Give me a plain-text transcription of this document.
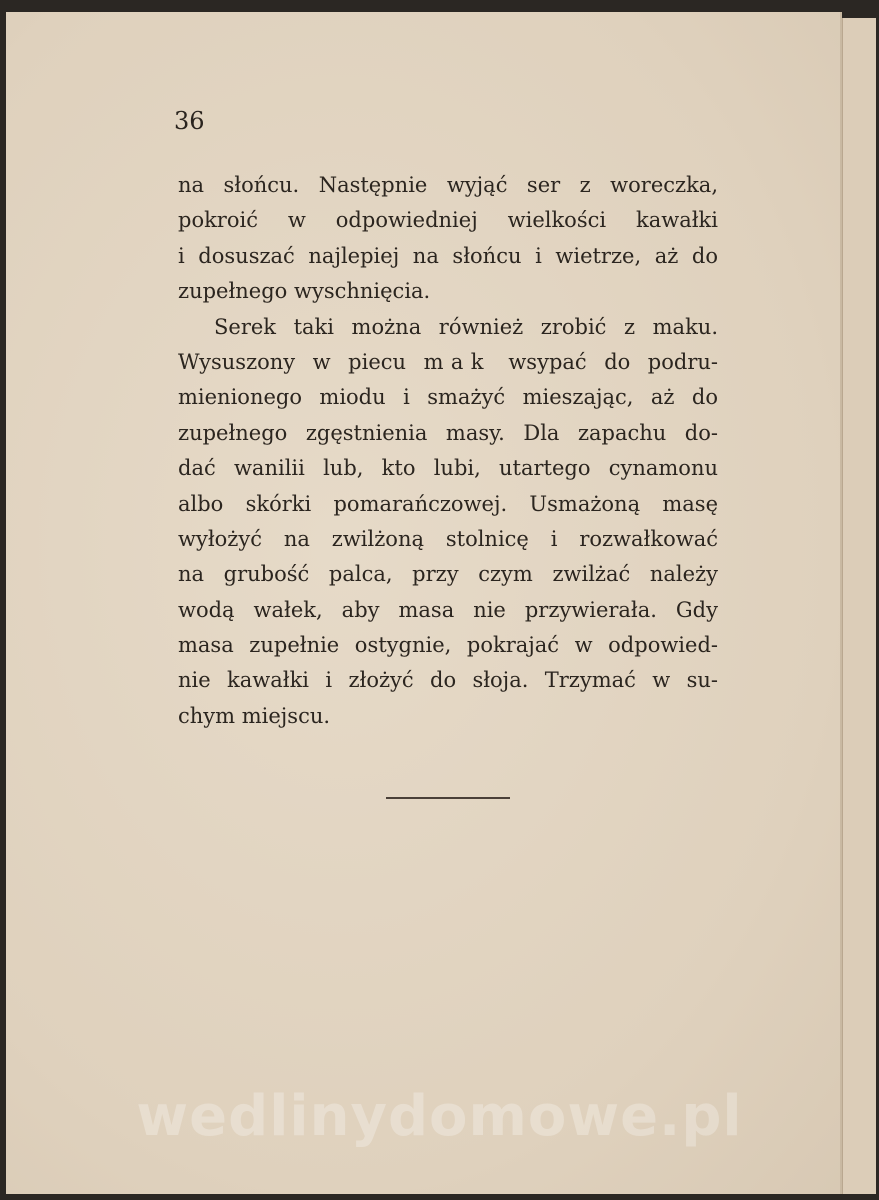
36
na słońcu. Następnie wyjąć ser z woreczka,
pokroić w odpowiedniej wielkości kawałki
i dosuszać najlepiej na słońcu i wietrze, aż do
zupełnego wyschnięcia.
Serek taki można również zrobić z maku.
Wysuszony w piecu mak wsypać do podru-
mienionego miodu i smażyć mieszając, aż do
zupełnego zgęstnienia masy. Dla zapachu do-
dać wanilii lub, kto lubi, utartego cynamonu
albo skórki pomarańczowej. Usmażoną masę
wyłożyć na zwilżoną stolnicę i rozwałkować
na grubość palca, przy czym zwilżać należy
wodą wałek, aby masa nie przywierała. Gdy
masa zupełnie ostygnie, pokrajać w odpowied-
nie kawałki i złożyć do słoja. Trzymać w su-
chym miejscu.
wedlinydomowe.pl
